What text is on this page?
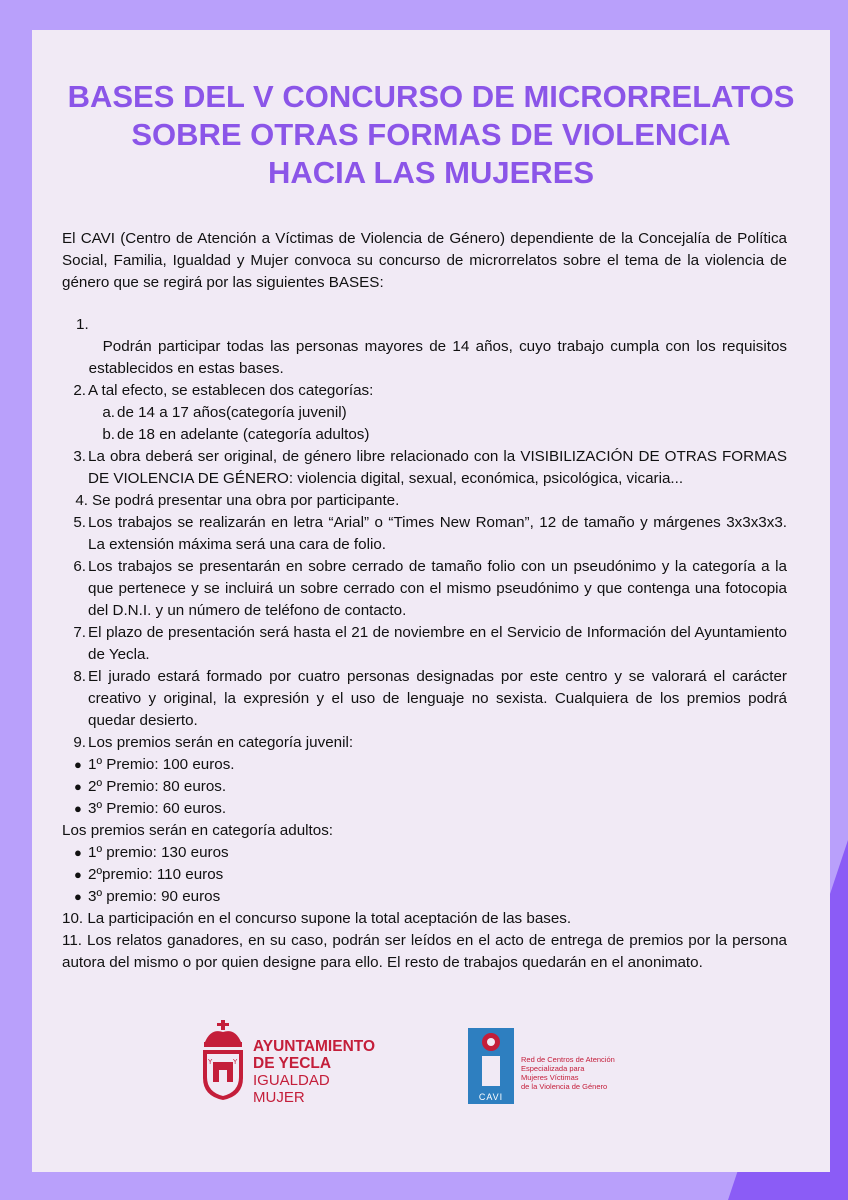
BASES DEL V CONCURSO DE MICRORRELATOS
SOBRE OTRAS FORMAS DE VIOLENCIA
HACIA LAS MUJERES

El CAVI (Centro de Atención a Víctimas de Violencia de Género) dependiente de la Concejalía de Política Social, Familia, Igualdad y Mujer convoca su concurso de microrrelatos sobre el tema de la violencia de género que se regirá por las siguientes BASES:

1.
Podrán participar todas las personas mayores de 14 años, cuyo trabajo cumpla con los requisitos establecidos en estas bases.
2. A tal efecto, se establecen dos categorías:
a. de 14 a 17 años(categoría juvenil)
b. de 18 en adelante (categoría adultos)
3. La obra deberá ser original, de género libre relacionado con la VISIBILIZACIÓN DE OTRAS FORMAS DE VIOLENCIA DE GÉNERO: violencia digital, sexual, económica, psicológica, vicaria...
4. Se podrá presentar una obra por participante.
5. Los trabajos se realizarán en letra “Arial” o “Times New Roman”, 12 de tamaño y márgenes 3x3x3x3. La extensión máxima será una cara de folio.
6. Los trabajos se presentarán en sobre cerrado de tamaño folio con un pseudónimo y la categoría a la que pertenece y se incluirá un sobre cerrado con el mismo pseudónimo y que contenga una fotocopia del D.N.I. y un número de teléfono de contacto.
7. El plazo de presentación será hasta el 21 de noviembre en el Servicio de Información del Ayuntamiento de Yecla.
8. El jurado estará formado por cuatro personas designadas por este centro y se valorará el carácter creativo y original, la expresión y el uso de lenguaje no sexista. Cualquiera de los premios podrá quedar desierto.
9. Los premios serán en categoría juvenil:
● 1º Premio: 100 euros.
● 2º Premio: 80 euros.
● 3º Premio: 60 euros.
Los premios serán en categoría adultos:
● 1º premio: 130 euros
● 2ºpremio: 110 euros
● 3º premio: 90 euros
10. La participación en el concurso supone la total aceptación de las bases.
11. Los relatos ganadores, en su caso, podrán ser leídos en el acto de entrega de premios por la persona autora del mismo o por quien designe para ello. El resto de trabajos quedarán en el anonimato.
Y	Y
AYUNTAMIENTO
DE YECLA
IGUALDAD
MUJER	CAVI
Red de Centros de Atención
Especializada para
Mujeres Víctimas
de la Violencia de Género
